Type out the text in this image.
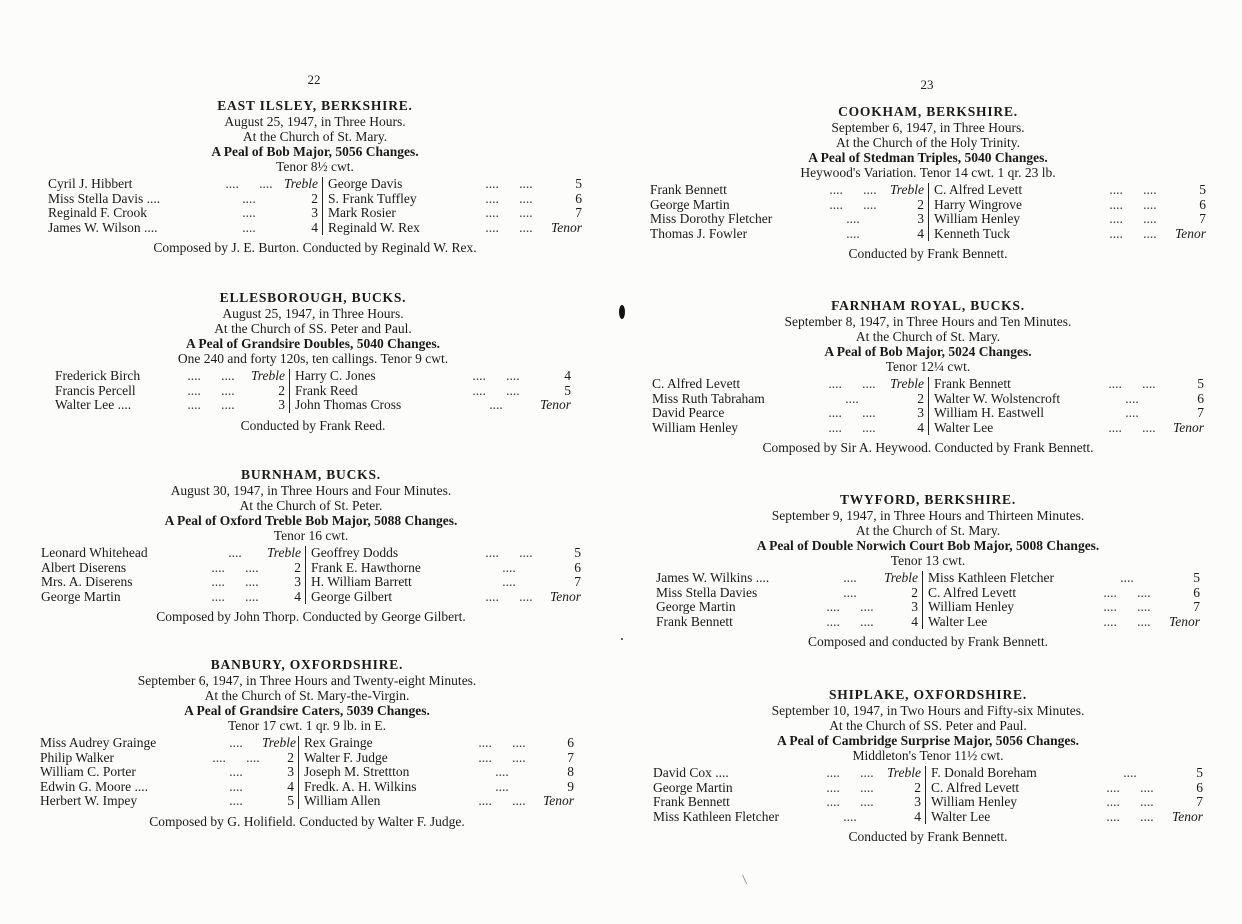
22
EAST ILSLEY, BERKSHIRE.
August 25, 1947, in Three Hours.
At the Church of St. Mary.
A Peal of Bob Major, 5056 Changes.
Tenor 8½ cwt.
Cyril J. Hibbert	....      .... Treble
Miss Stella Davis ....	....	2
Reginald F. Crook	....	3
James W. Wilson ....	....	4
George Davis	....      ....	5
S. Frank Tuffley	....      ....	6
Mark Rosier	....      ....	7
Reginald W. Rex	....      ....	Tenor
Composed by J. E. Burton. Conducted by Reginald W. Rex.
ELLESBOROUGH, BUCKS.
August 25, 1947, in Three Hours.
At the Church of SS. Peter and Paul.
A Peal of Grandsire Doubles, 5040 Changes.
One 240 and forty 120s, ten callings. Tenor 9 cwt.
Frederick Birch	....      ....	Treble
Francis Percell	....      ....	2
Walter Lee ....	....      ....	3
Harry C. Jones	....      ....	4
Frank Reed	....      ....	5
John Thomas Cross	....	Tenor
Conducted by Frank Reed.
BURNHAM, BUCKS.
August 30, 1947, in Three Hours and Four Minutes.
At the Church of St. Peter.
A Peal of Oxford Treble Bob Major, 5088 Changes.
Tenor 16 cwt.
Leonard Whitehead	....	Treble
Albert Diserens	....      ....	2
Mrs. A. Diserens	....      ....	3
George Martin	....      ....	4
Geoffrey Dodds	....      ....	5
Frank E. Hawthorne	....	6
H. William Barrett	....	7
George Gilbert	....      ....	Tenor
Composed by John Thorp. Conducted by George Gilbert.
BANBURY, OXFORDSHIRE.
September 6, 1947, in Three Hours and Twenty-eight Minutes.
At the Church of St. Mary-the-Virgin.
A Peal of Grandsire Caters, 5039 Changes.
Tenor 17 cwt. 1 qr. 9 lb. in E.
Miss Audrey Grainge	....	Treble
Philip Walker	....      ....	2
William C. Porter	....	3
Edwin G. Moore ....	....	4
Herbert W. Impey	....	5
Rex Grainge	....      ....	6
Walter F. Judge	....      ....	7
Joseph M. Strettton	....	8
Fredk. A. H. Wilkins	....	9
William Allen	....      ....	Tenor
Composed by G. Holifield. Conducted by Walter F. Judge.
23
COOKHAM, BERKSHIRE.
September 6, 1947, in Three Hours.
At the Church of the Holy Trinity.
A Peal of Stedman Triples, 5040 Changes.
Heywood's Variation. Tenor 14 cwt. 1 qr. 23 lb.
Frank Bennett	....      .... Treble
George Martin	....      ....	2
Miss Dorothy Fletcher	....	3
Thomas J. Fowler	....	4
C. Alfred Levett	....      ....	5
Harry Wingrove	....      ....	6
William Henley	....      ....	7
Kenneth Tuck	....      ....	Tenor
Conducted by Frank Bennett.
FARNHAM ROYAL, BUCKS.
September 8, 1947, in Three Hours and Ten Minutes.
At the Church of St. Mary.
A Peal of Bob Major, 5024 Changes.
Tenor 12¼ cwt.
C. Alfred Levett	....      ....	Treble
Miss Ruth Tabraham	....	2
David Pearce	....      ....	3
William Henley	....      ....	4
Frank Bennett	....      ....	5
Walter W. Wolstencroft	....	6
William H. Eastwell	....	7
Walter Lee	....      ....	Tenor
Composed by Sir A. Heywood. Conducted by Frank Bennett.
TWYFORD, BERKSHIRE.
September 9, 1947, in Three Hours and Thirteen Minutes.
At the Church of St. Mary.
A Peal of Double Norwich Court Bob Major, 5008 Changes.
Tenor 13 cwt.
James W. Wilkins ....	....	Treble
Miss Stella Davies	....	2
George Martin	....      ....	3
Frank Bennett	....      ....	4
Miss Kathleen Fletcher	....	5
C. Alfred Levett	....      ....	6
William Henley	....      ....	7
Walter Lee	....      ....	Tenor
Composed and conducted by Frank Bennett.
SHIPLAKE, OXFORDSHIRE.
September 10, 1947, in Two Hours and Fifty-six Minutes.
At the Church of SS. Peter and Paul.
A Peal of Cambridge Surprise Major, 5056 Changes.
Middleton's Tenor 11½ cwt.
David Cox ....	....      .... Treble
George Martin	....      ....	2
Frank Bennett	....      ....	3
Miss Kathleen Fletcher	....	4
F. Donald Boreham	....	5
C. Alfred Levett	....      ....	6
William Henley	....      ....	7
Walter Lee	....      ....	Tenor
Conducted by Frank Bennett.
